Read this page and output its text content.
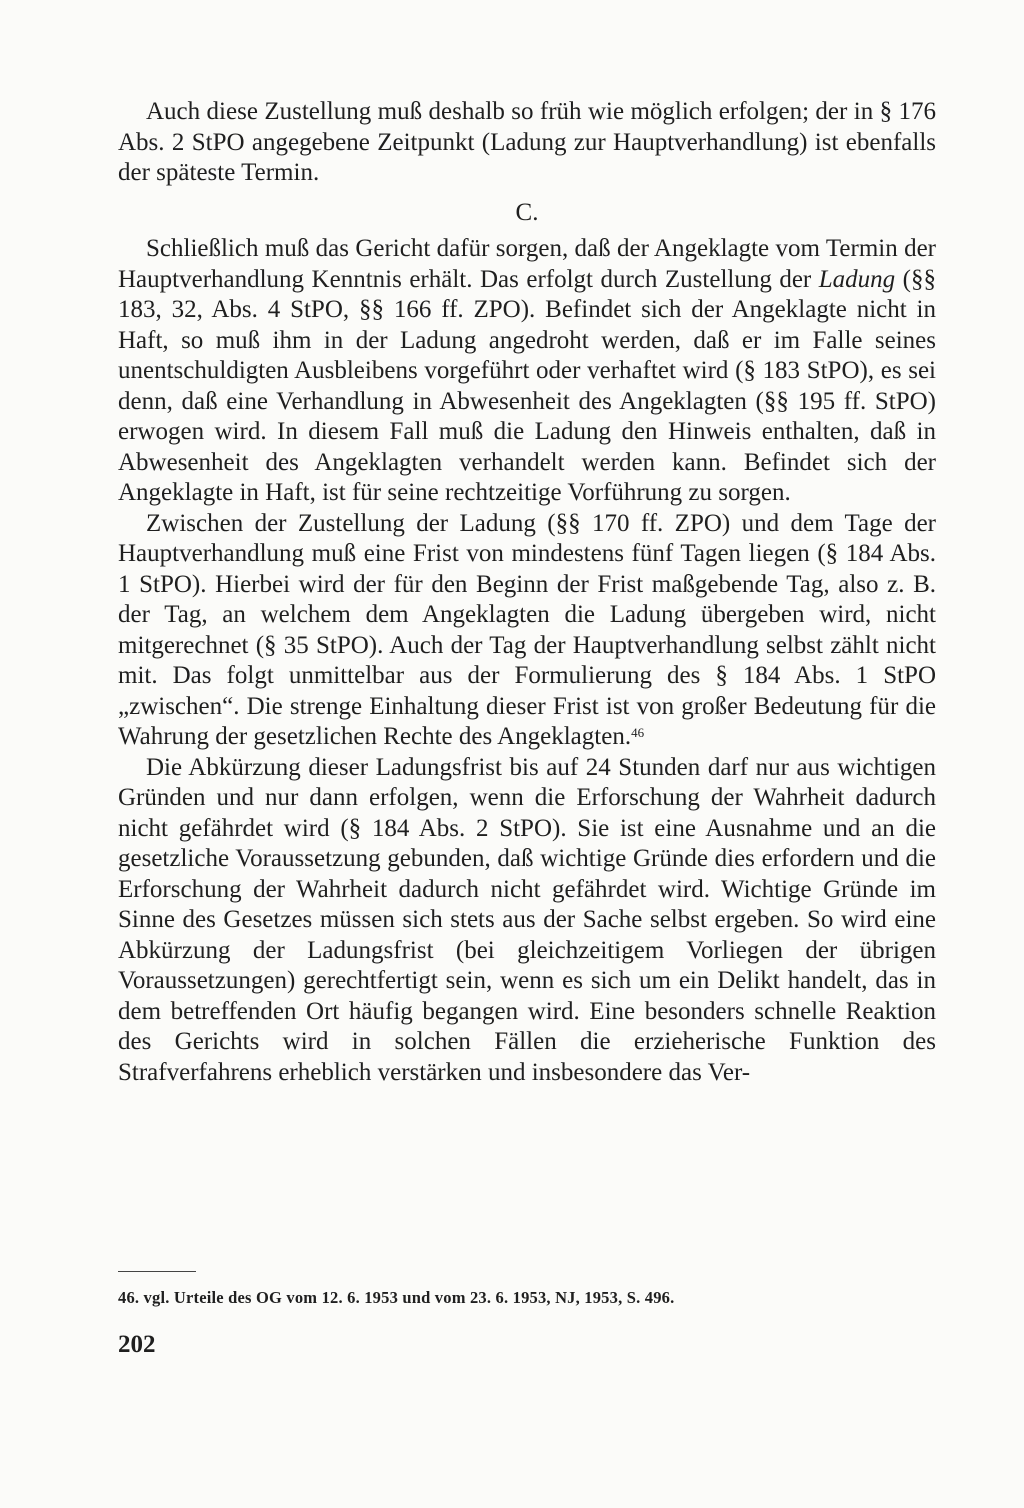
Auch diese Zustellung muß deshalb so früh wie möglich erfolgen; der in § 176 Abs. 2 StPO angegebene Zeitpunkt (Ladung zur Hauptverhandlung) ist ebenfalls der späteste Termin.

C.

Schließlich muß das Gericht dafür sorgen, daß der Angeklagte vom Termin der Hauptverhandlung Kenntnis erhält. Das erfolgt durch Zustellung der Ladung (§§ 183, 32, Abs. 4 StPO, §§ 166 ff. ZPO). Befindet sich der Angeklagte nicht in Haft, so muß ihm in der Ladung angedroht werden, daß er im Falle seines unentschuldigten Ausbleibens vorgeführt oder verhaftet wird (§ 183 StPO), es sei denn, daß eine Verhandlung in Abwesenheit des Angeklagten (§§ 195 ff. StPO) erwogen wird. In diesem Fall muß die Ladung den Hinweis enthalten, daß in Abwesenheit des Angeklagten verhandelt werden kann. Befindet sich der Angeklagte in Haft, ist für seine rechtzeitige Vorführung zu sorgen.

Zwischen der Zustellung der Ladung (§§ 170 ff. ZPO) und dem Tage der Hauptverhandlung muß eine Frist von mindestens fünf Tagen liegen (§ 184 Abs. 1 StPO). Hierbei wird der für den Beginn der Frist maßgebende Tag, also z. B. der Tag, an welchem dem Angeklagten die Ladung übergeben wird, nicht mitgerechnet (§ 35 StPO). Auch der Tag der Hauptverhandlung selbst zählt nicht mit. Das folgt unmittelbar aus der Formulierung des § 184 Abs. 1 StPO „zwischen“. Die strenge Einhaltung dieser Frist ist von großer Bedeutung für die Wahrung der gesetzlichen Rechte des Angeklagten.$^{46}$

Die Abkürzung dieser Ladungsfrist bis auf 24 Stunden darf nur aus wichtigen Gründen und nur dann erfolgen, wenn die Erforschung der Wahrheit dadurch nicht gefährdet wird (§ 184 Abs. 2 StPO). Sie ist eine Ausnahme und an die gesetzliche Voraussetzung gebunden, daß wichtige Gründe dies erfordern und die Erforschung der Wahrheit dadurch nicht gefährdet wird. Wichtige Gründe im Sinne des Gesetzes müssen sich stets aus der Sache selbst ergeben. So wird eine Abkürzung der Ladungsfrist (bei gleichzeitigem Vorliegen der übrigen Voraussetzungen) gerechtfertigt sein, wenn es sich um ein Delikt handelt, das in dem betreffenden Ort häufig begangen wird. Eine besonders schnelle Reaktion des Gerichts wird in solchen Fällen die erzieherische Funktion des Strafverfahrens erheblich verstärken und insbesondere das Ver-

46. vgl. Urteile des OG vom 12. 6. 1953 und vom 23. 6. 1953, NJ, 1953, S. 496.
202
